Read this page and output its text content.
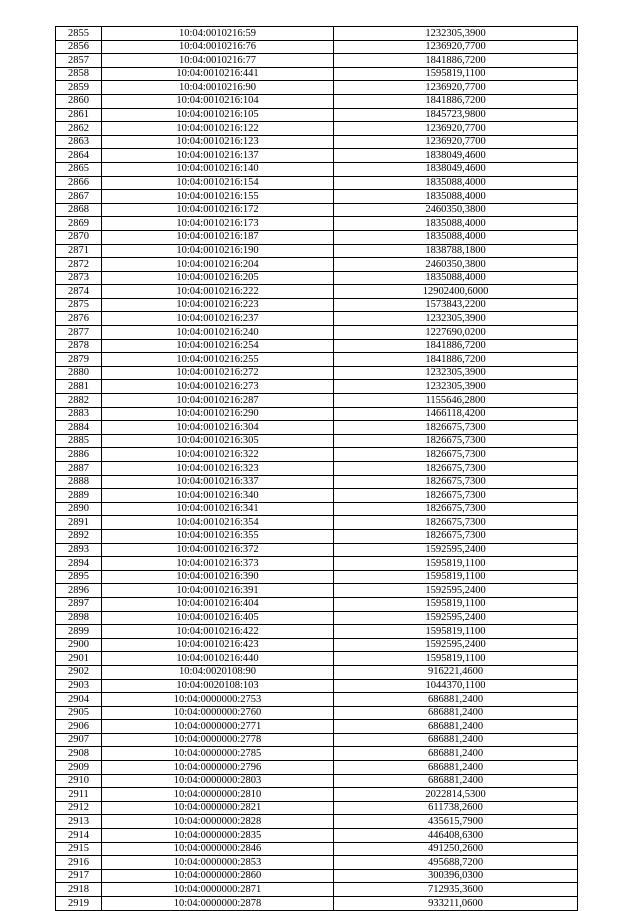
2855	10:04:0010216:59	1232305,3900
2856	10:04:0010216:76	1236920,7700
2857	10:04:0010216:77	1841886,7200
2858	10:04:0010216:441	1595819,1100
2859	10:04:0010216:90	1236920,7700
2860	10:04:0010216:104	1841886,7200
2861	10:04:0010216:105	1845723,9800
2862	10:04:0010216:122	1236920,7700
2863	10:04:0010216:123	1236920,7700
2864	10:04:0010216:137	1838049,4600
2865	10:04:0010216:140	1838049,4600
2866	10:04:0010216:154	1835088,4000
2867	10:04:0010216:155	1835088,4000
2868	10:04:0010216:172	2460350,3800
2869	10:04:0010216:173	1835088,4000
2870	10:04:0010216:187	1835088,4000
2871	10:04:0010216:190	1838788,1800
2872	10:04:0010216:204	2460350,3800
2873	10:04:0010216:205	1835088,4000
2874	10:04:0010216:222	12902400,6000
2875	10:04:0010216:223	1573843,2200
2876	10:04:0010216:237	1232305,3900
2877	10:04:0010216:240	1227690,0200
2878	10:04:0010216:254	1841886,7200
2879	10:04:0010216:255	1841886,7200
2880	10:04:0010216:272	1232305,3900
2881	10:04:0010216:273	1232305,3900
2882	10:04:0010216:287	1155646,2800
2883	10:04:0010216:290	1466118,4200
2884	10:04:0010216:304	1826675,7300
2885	10:04:0010216:305	1826675,7300
2886	10:04:0010216:322	1826675,7300
2887	10:04:0010216:323	1826675,7300
2888	10:04:0010216:337	1826675,7300
2889	10:04:0010216:340	1826675,7300
2890	10:04:0010216:341	1826675,7300
2891	10:04:0010216:354	1826675,7300
2892	10:04:0010216:355	1826675,7300
2893	10:04:0010216:372	1592595,2400
2894	10:04:0010216:373	1595819,1100
2895	10:04:0010216:390	1595819,1100
2896	10:04:0010216:391	1592595,2400
2897	10:04:0010216:404	1595819,1100
2898	10:04:0010216:405	1592595,2400
2899	10:04:0010216:422	1595819,1100
2900	10:04:0010216:423	1592595,2400
2901	10:04:0010216:440	1595819,1100
2902	10:04:0020108:90	916221,4600
2903	10:04:0020108:103	1044370,1100
2904	10:04:0000000:2753	686881,2400
2905	10:04:0000000:2760	686881,2400
2906	10:04:0000000:2771	686881,2400
2907	10:04:0000000:2778	686881,2400
2908	10:04:0000000:2785	686881,2400
2909	10:04:0000000:2796	686881,2400
2910	10:04:0000000:2803	686881,2400
2911	10:04:0000000:2810	2022814,5300
2912	10:04:0000000:2821	611738,2600
2913	10:04:0000000:2828	435615,7900
2914	10:04:0000000:2835	446408,6300
2915	10:04:0000000:2846	491250,2600
2916	10:04:0000000:2853	495688,7200
2917	10:04:0000000:2860	300396,0300
2918	10:04:0000000:2871	712935,3600
2919	10:04:0000000:2878	933211,0600
